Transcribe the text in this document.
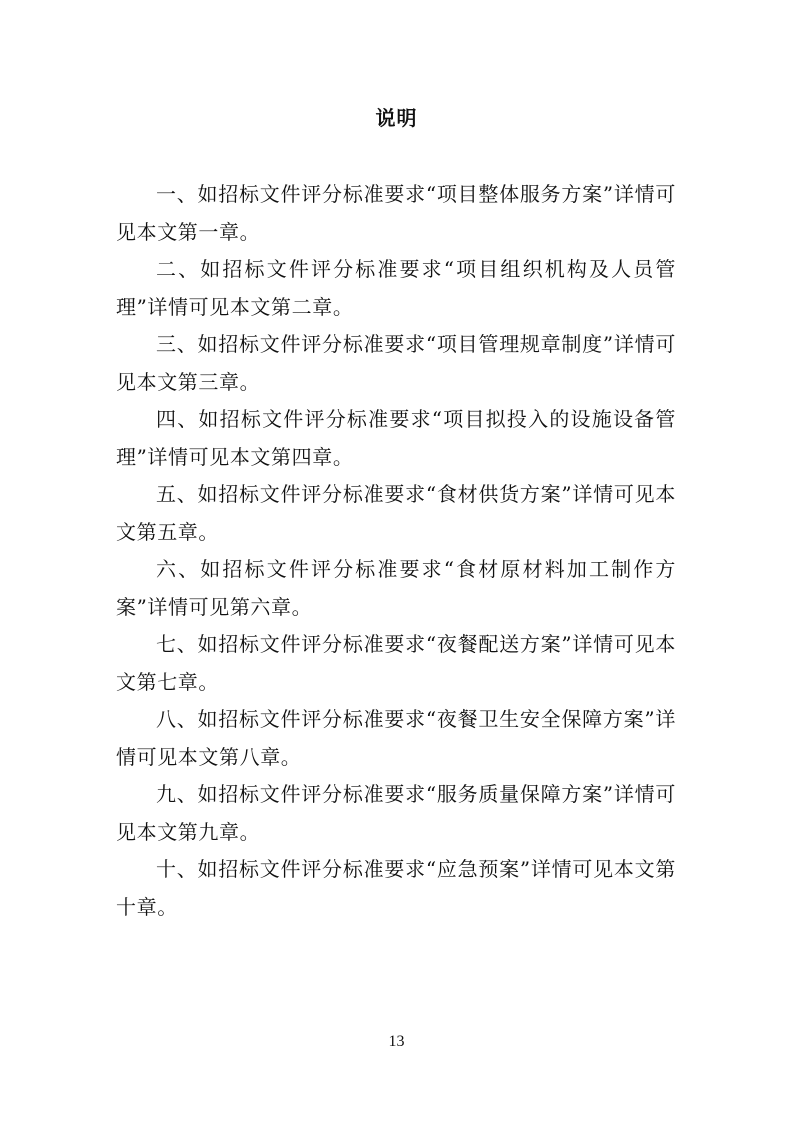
说明

一、如招标文件评分标准要求“项目整体服务方案”详情可见本文第一章。

二、如招标文件评分标准要求“项目组织机构及人员管理”详情可见本文第二章。

三、如招标文件评分标准要求“项目管理规章制度”详情可见本文第三章。

四、如招标文件评分标准要求“项目拟投入的设施设备管理”详情可见本文第四章。

五、如招标文件评分标准要求“食材供货方案”详情可见本文第五章。

六、如招标文件评分标准要求“食材原材料加工制作方案”详情可见第六章。

七、如招标文件评分标准要求“夜餐配送方案”详情可见本文第七章。

八、如招标文件评分标准要求“夜餐卫生安全保障方案”详情可见本文第八章。

九、如招标文件评分标准要求“服务质量保障方案”详情可见本文第九章。

十、如招标文件评分标准要求“应急预案”详情可见本文第十章。

13
